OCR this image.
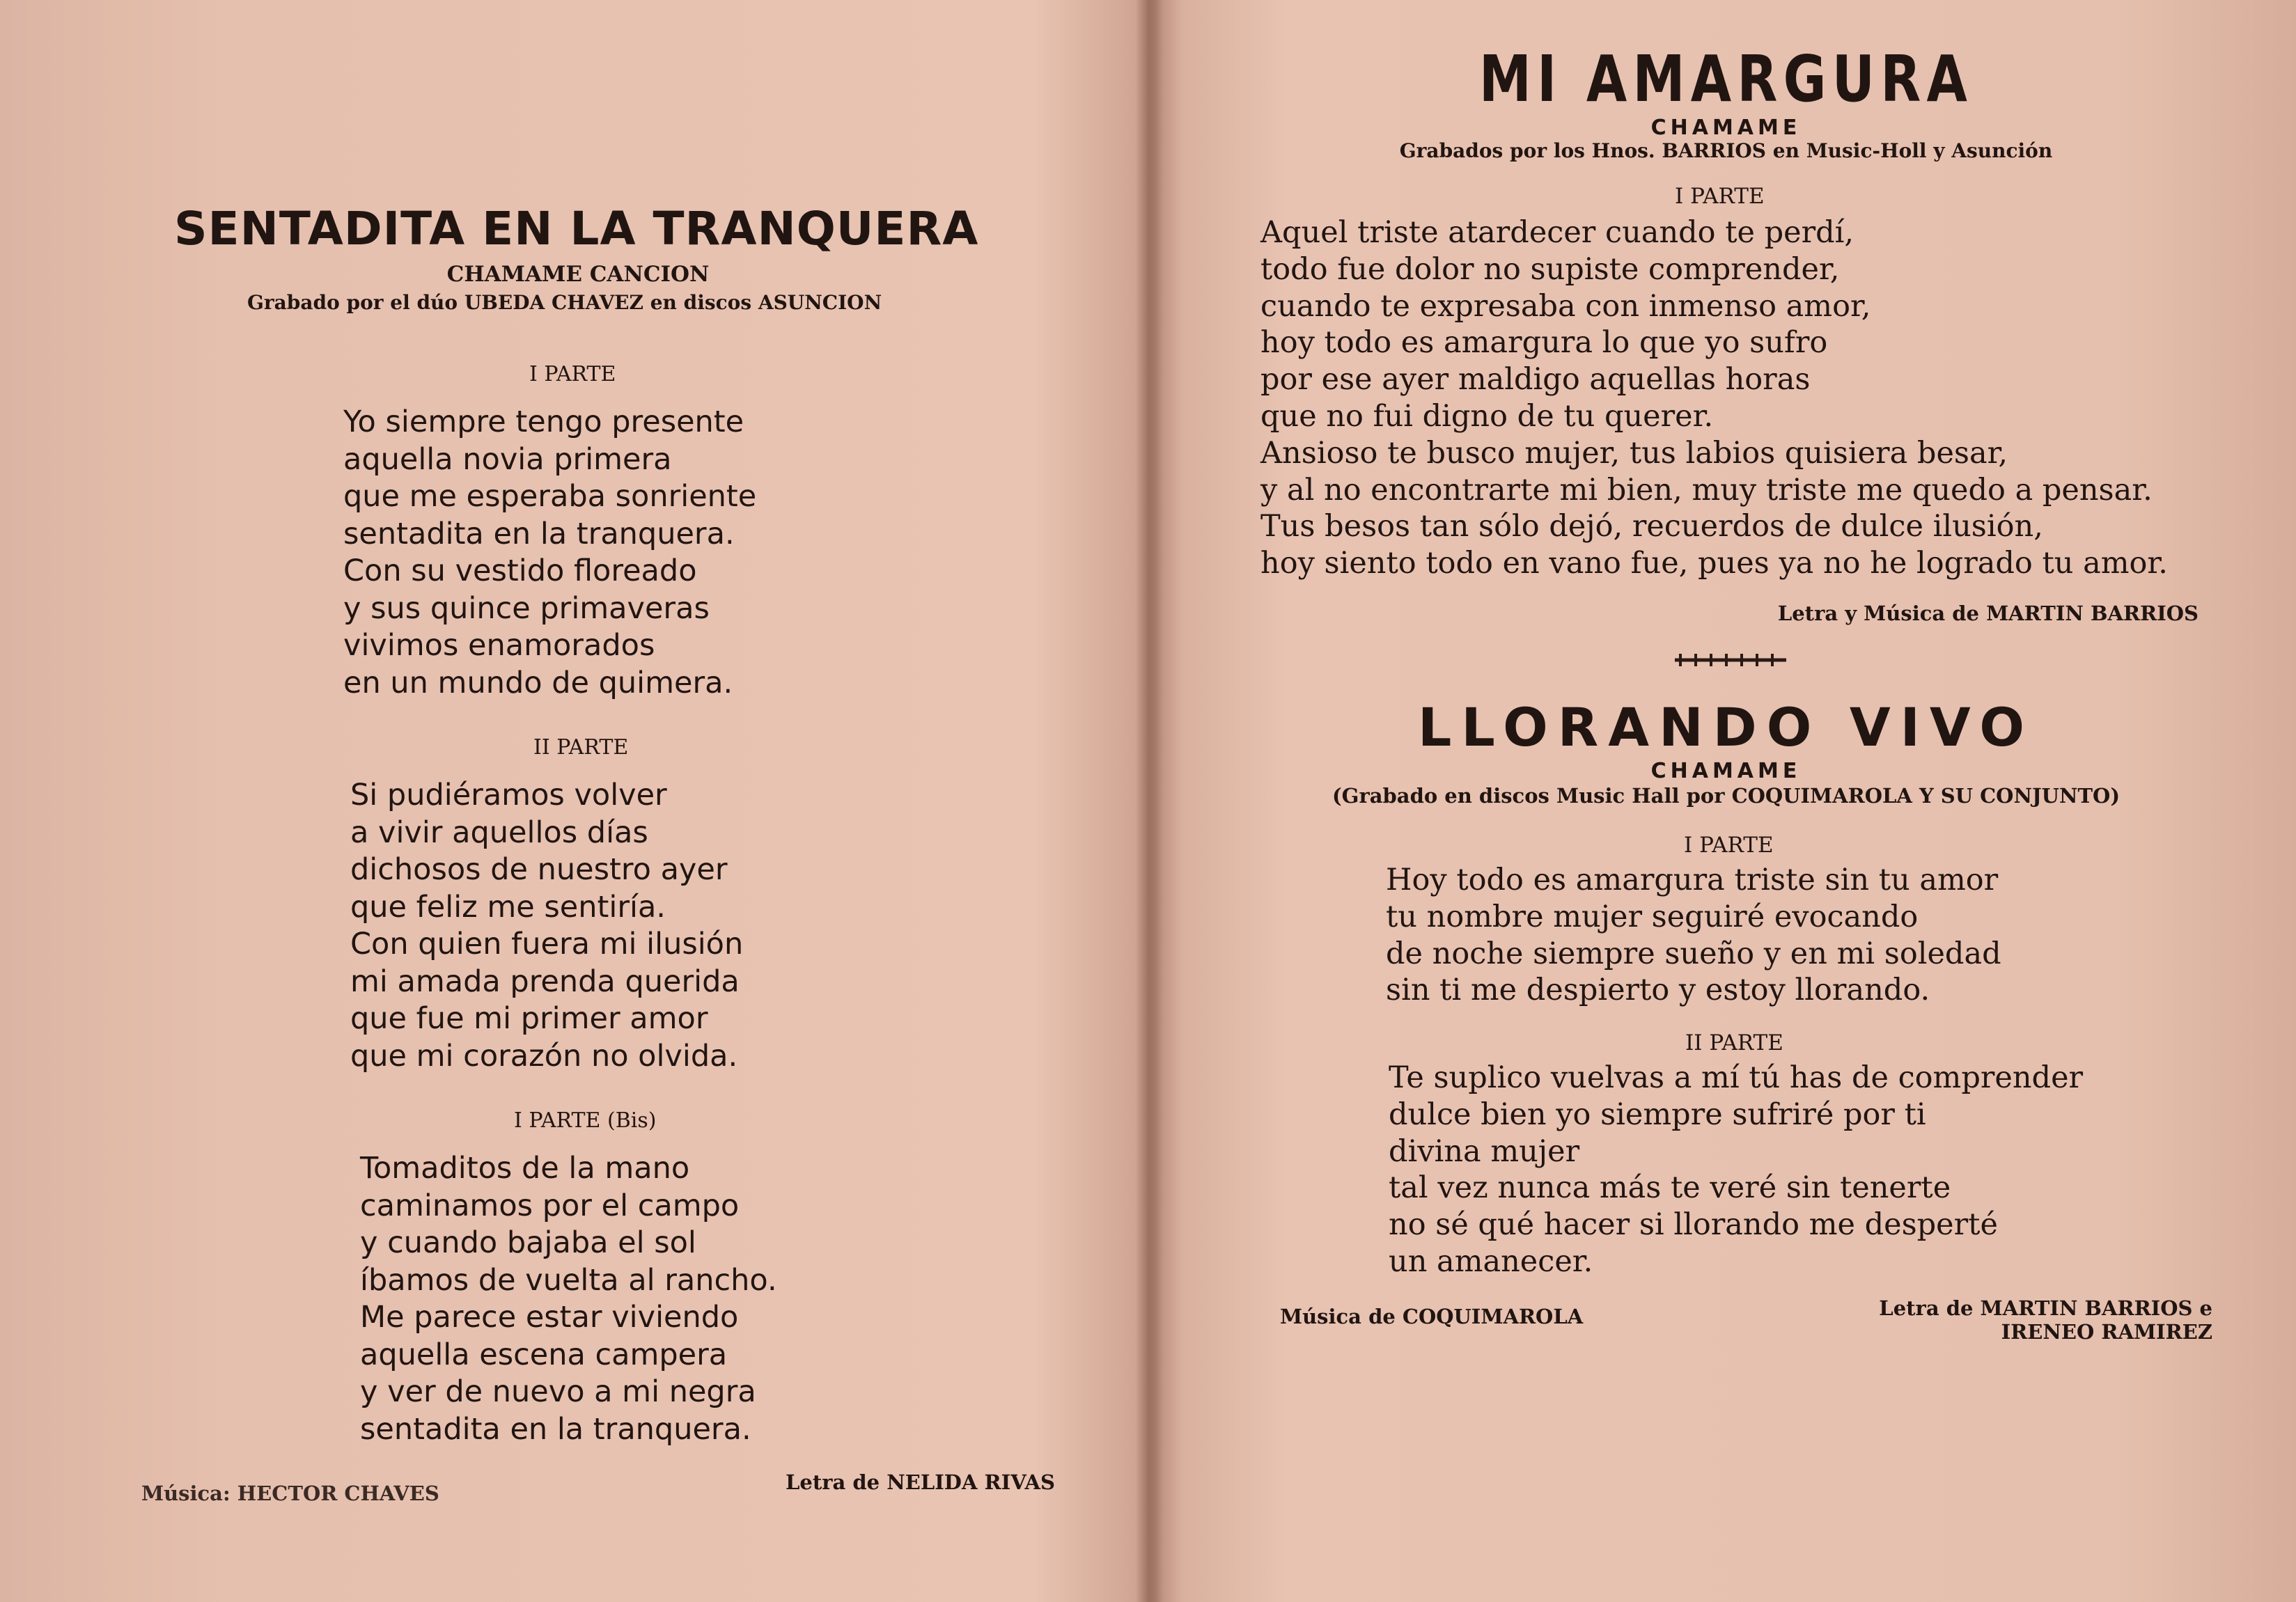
SENTADITA EN LA TRANQUERA
CHAMAME CANCION
Grabado por el dúo UBEDA CHAVEZ en discos ASUNCION
I PARTE

Yo siempre tengo presente

aquella novia primera

que me esperaba sonriente

sentadita en la tranquera.

Con su vestido floreado

y sus quince primaveras

vivimos enamorados

en un mundo de quimera.

II PARTE

Si pudiéramos volver

a vivir aquellos días

dichosos de nuestro ayer

que feliz me sentiría.

Con quien fuera mi ilusión

mi amada prenda querida

que fue mi primer amor

que mi corazón no olvida.

I PARTE (Bis)

Tomaditos de la mano

caminamos por el campo

y cuando bajaba el sol

íbamos de vuelta al rancho.

Me parece estar viviendo

aquella escena campera

y ver de nuevo a mi negra

sentadita en la tranquera.

Música: HECTOR CHAVES	Letra de NELIDA RIVAS
MI AMARGURA
CHAMAME
Grabados por los Hnos. BARRIOS en Music-Holl y Asunción
I PARTE

Aquel triste atardecer cuando te perdí,

todo fue dolor no supiste comprender,

cuando te expresaba con inmenso amor,

hoy todo es amargura lo que yo sufro

por ese ayer maldigo aquellas horas

que no fui digno de tu querer.

Ansioso te busco mujer, tus labios quisiera besar,

y al no encontrarte mi bien, muy triste me quedo a pensar.

Tus besos tan sólo dejó, recuerdos de dulce ilusión,

hoy siento todo en vano fue, pues ya no he logrado tu amor.

Letra y Música de MARTIN BARRIOS
LLORANDO VIVO
CHAMAME
(Grabado en discos Music Hall por COQUIMAROLA Y SU CONJUNTO)
I PARTE

Hoy todo es amargura triste sin tu amor

tu nombre mujer seguiré evocando

de noche siempre sueño y en mi soledad

sin ti me despierto y estoy llorando.

II PARTE

Te suplico vuelvas a mí tú has de comprender

dulce bien yo siempre sufriré por ti

divina mujer

tal vez nunca más te veré sin tenerte

no sé qué hacer si llorando me desperté

un amanecer.

Música de COQUIMAROLA	Letra de MARTIN BARRIOS e
IRENEO RAMIREZ
